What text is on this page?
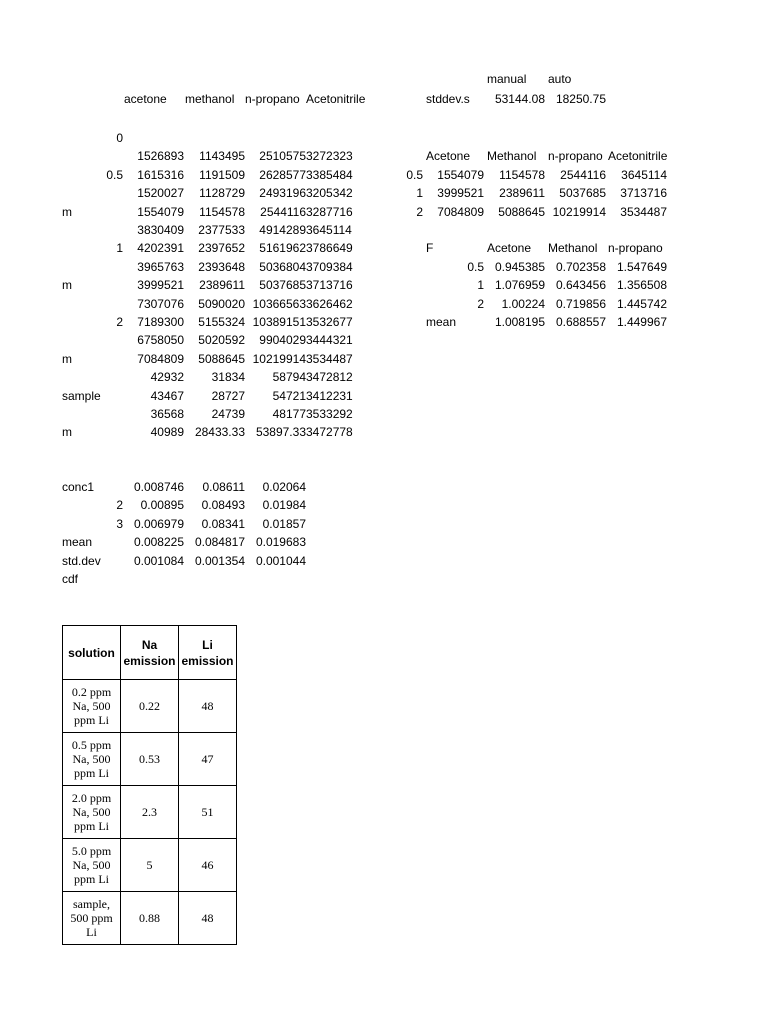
acetone methanol n-propano Acetonitrile
0
1526893	1143495	2510575 3272323
0.5	1615316	1191509	2628577 3385484
1520027	1128729	2493196 3205342
m	1554079	1154578	2544116 3287716
3830409	2377533	4914289 3645114
1	4202391	2397652	5161962 3786649
3965763	2393648	5036804 3709384
m	3999521	2389611	5037685 3713716
7307076	5090020 10366563 3626462
2	7189300	5155324 10389151 3532677
6758050	5020592	9904029 3444321
m	7084809	5088645 10219914 3534487
42932	31834	58794 3472812
sample	43467	28727	54721 3412231
36568	24739	48177 3533292
m	40989 28433.33 53897.33 3472778
conc1	0.008746	0.08611	0.02064
2	0.00895	0.08493	0.01984
3 0.006979	0.08341	0.01857
mean	0.008225 0.084817 0.019683
std.dev	0.001084 0.001354 0.001044
cdf
manual auto
stddev.s	53144.08 18250.75
Acetone Methanol n-propano Acetonitrile
0.5	1554079	1154578	2544116	3645114
1	3999521	2389611	5037685	3713716
2	7084809	5088645 10219914	3534487
F	Acetone Methanol n-propano
0.5 0.945385 0.702358 1.547649
1 1.076959 0.643456 1.356508
2	1.00224 0.719856 1.445742
mean	1.008195 0.688557 1.449967
solution	Na emission	Li emission
0.2 ppm Na, 500 ppm Li	0.22	48
0.5 ppm Na, 500 ppm Li	0.53	47
2.0 ppm Na, 500 ppm Li	2.3	51
5.0 ppm Na, 500 ppm Li	5	46
sample, 500 ppm Li	0.88	48
